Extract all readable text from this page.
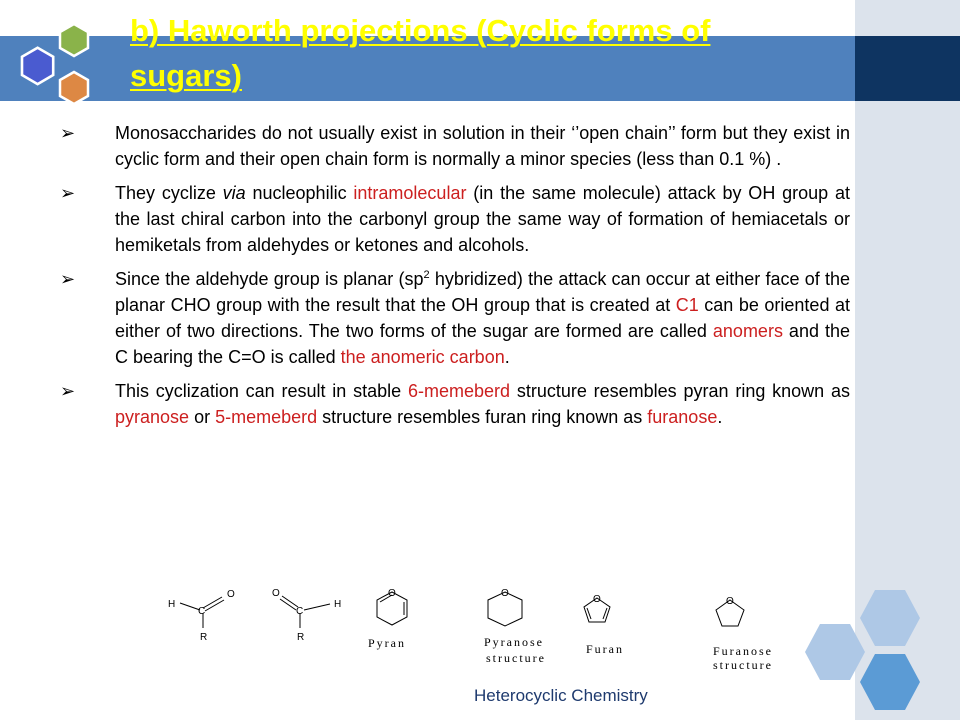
b) Haworth projections (Cyclic forms of sugars)
➢ Monosaccharides do not usually exist in solution in their ‘’open chain’’ form but they exist in cyclic form and their open chain form is normally a minor species (less than 0.1 %) .

➢ They cyclize via nucleophilic intramolecular (in the same molecule) attack by OH group at the last chiral carbon into the carbonyl group the same way of formation of hemiacetals or hemiketals from aldehydes or ketones and alcohols.

➢ Since the aldehyde group is planar ($sp^2$ hybridized) the attack can occur at either face of the planar CHO group with the result that the OH group that is created at C1 can be oriented at either of two directions. The two forms of the sugar are formed are called anomers and the C bearing the C=O is called the anomeric carbon.

➢ This cyclization can result in stable 6-memeberd structure resembles pyran ring known as pyranose or 5-memeberd structure resembles furan ring known as furanose.

H
C
O
R
O
C
H
R
O
Pyran
O
Pyranose
structure
O
Furan
O
Furanose
structure
Heterocyclic Chemistry
